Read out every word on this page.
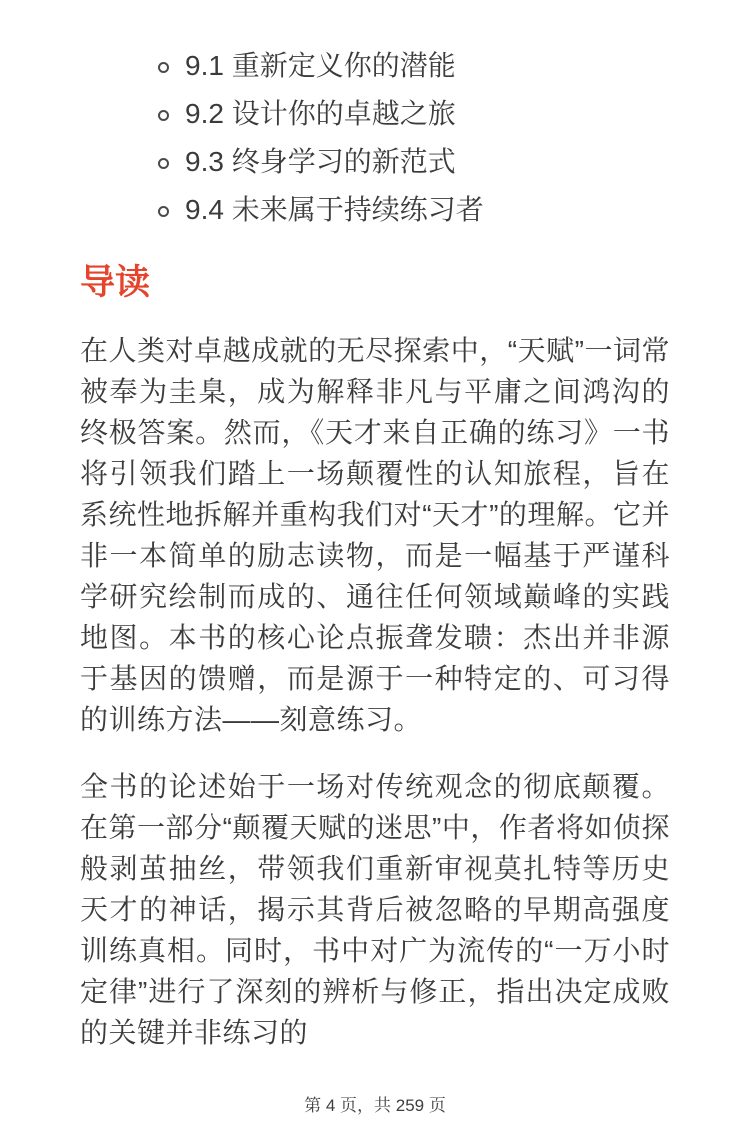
9.1 重新定义你的潜能
9.2 设计你的卓越之旅
9.3 终身学习的新范式
9.4 未来属于持续练习者
导读

在人类对卓越成就的无尽探索中，“天赋”一词常被奉为圭臬，成为解释非凡与平庸之间鸿沟的终极答案。然而，《天才来自正确的练习》一书将引领我们踏上一场颠覆性的认知旅程，旨在系统性地拆解并重构我们对“天才”的理解。它并非一本简单的励志读物，而是一幅基于严谨科学研究绘制而成的、通往任何领域巅峰的实践地图。本书的核心论点振聋发聩：杰出并非源于基因的馈赠，而是源于一种特定的、可习得的训练方法——刻意练习。

全书的论述始于一场对传统观念的彻底颠覆。在第一部分“颠覆天赋的迷思”中，作者将如侦探般剥茧抽丝，带领我们重新审视莫扎特等历史天才的神话，揭示其背后被忽略的早期高强度训练真相。同时，书中对广为流传的“一万小时定律”进行了深刻的辨析与修正，指出决定成败的关键并非练习的

第 4 页，共 259 页
